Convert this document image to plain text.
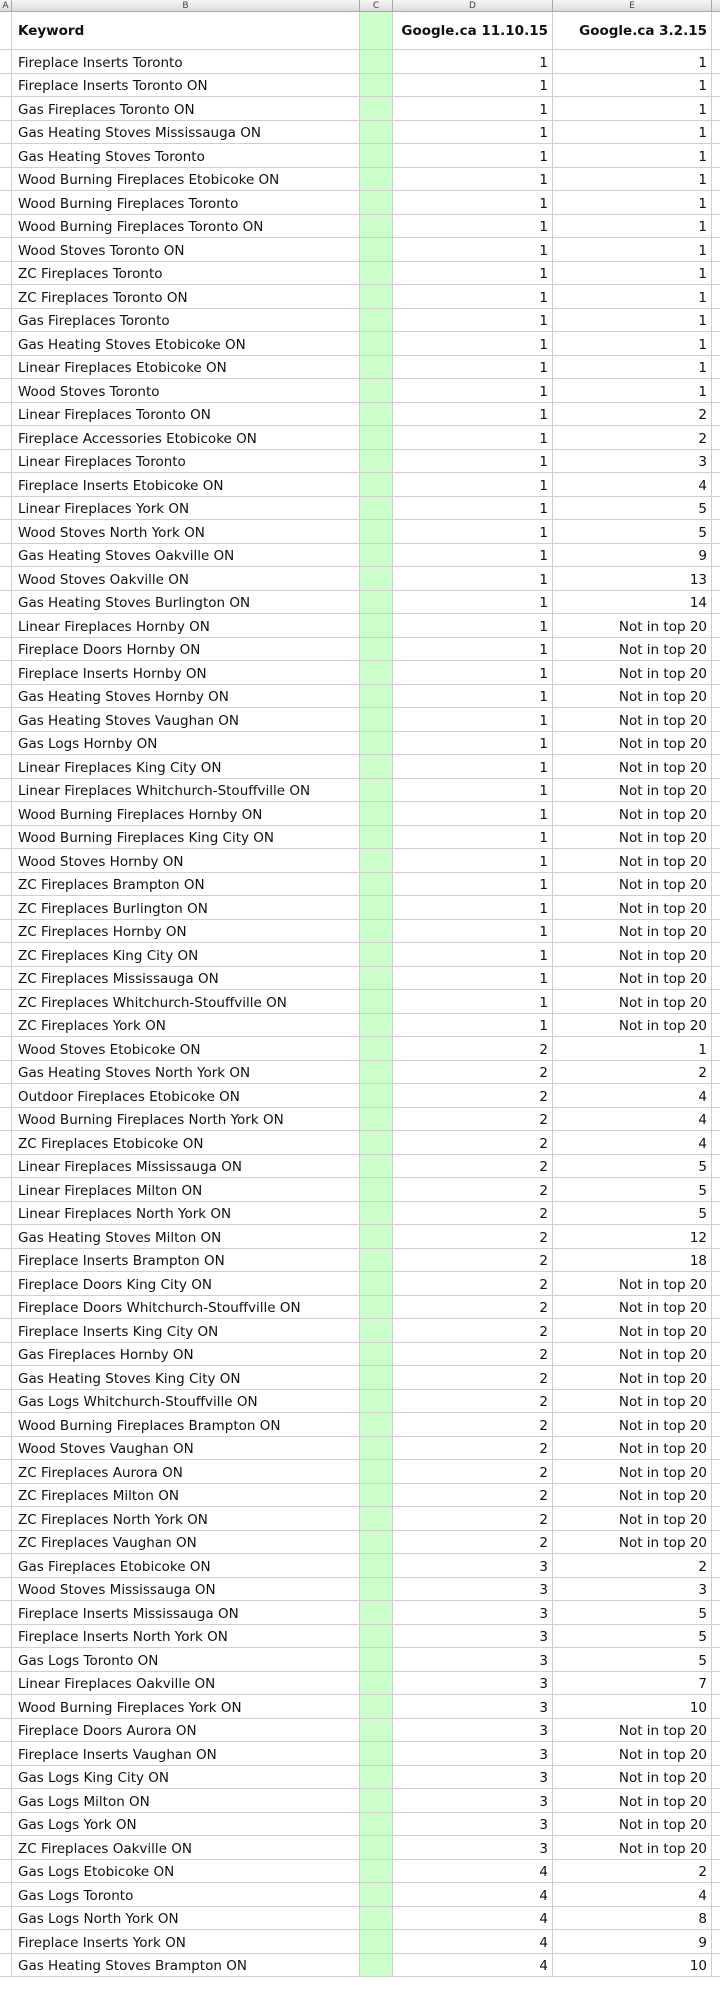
A	B	C	D	E
Keyword	Google.ca 11.10.15	Google.ca 3.2.15
Fireplace Inserts Toronto	1	1
Fireplace Inserts Toronto ON	1	1
Gas Fireplaces Toronto ON	1	1
Gas Heating Stoves Mississauga ON	1	1
Gas Heating Stoves Toronto	1	1
Wood Burning Fireplaces Etobicoke ON	1	1
Wood Burning Fireplaces Toronto	1	1
Wood Burning Fireplaces Toronto ON	1	1
Wood Stoves Toronto ON	1	1
ZC Fireplaces Toronto	1	1
ZC Fireplaces Toronto ON	1	1
Gas Fireplaces Toronto	1	1
Gas Heating Stoves Etobicoke ON	1	1
Linear Fireplaces Etobicoke ON	1	1
Wood Stoves Toronto	1	1
Linear Fireplaces Toronto ON	1	2
Fireplace Accessories Etobicoke ON	1	2
Linear Fireplaces Toronto	1	3
Fireplace Inserts Etobicoke ON	1	4
Linear Fireplaces York ON	1	5
Wood Stoves North York ON	1	5
Gas Heating Stoves Oakville ON	1	9
Wood Stoves Oakville ON	1	13
Gas Heating Stoves Burlington ON	1	14
Linear Fireplaces Hornby ON	1	Not in top 20
Fireplace Doors Hornby ON	1	Not in top 20
Fireplace Inserts Hornby ON	1	Not in top 20
Gas Heating Stoves Hornby ON	1	Not in top 20
Gas Heating Stoves Vaughan ON	1	Not in top 20
Gas Logs Hornby ON	1	Not in top 20
Linear Fireplaces King City ON	1	Not in top 20
Linear Fireplaces Whitchurch-Stouffville ON	1	Not in top 20
Wood Burning Fireplaces Hornby ON	1	Not in top 20
Wood Burning Fireplaces King City ON	1	Not in top 20
Wood Stoves Hornby ON	1	Not in top 20
ZC Fireplaces Brampton ON	1	Not in top 20
ZC Fireplaces Burlington ON	1	Not in top 20
ZC Fireplaces Hornby ON	1	Not in top 20
ZC Fireplaces King City ON	1	Not in top 20
ZC Fireplaces Mississauga ON	1	Not in top 20
ZC Fireplaces Whitchurch-Stouffville ON	1	Not in top 20
ZC Fireplaces York ON	1	Not in top 20
Wood Stoves Etobicoke ON	2	1
Gas Heating Stoves North York ON	2	2
Outdoor Fireplaces Etobicoke ON	2	4
Wood Burning Fireplaces North York ON	2	4
ZC Fireplaces Etobicoke ON	2	4
Linear Fireplaces Mississauga ON	2	5
Linear Fireplaces Milton ON	2	5
Linear Fireplaces North York ON	2	5
Gas Heating Stoves Milton ON	2	12
Fireplace Inserts Brampton ON	2	18
Fireplace Doors King City ON	2	Not in top 20
Fireplace Doors Whitchurch-Stouffville ON	2	Not in top 20
Fireplace Inserts King City ON	2	Not in top 20
Gas Fireplaces Hornby ON	2	Not in top 20
Gas Heating Stoves King City ON	2	Not in top 20
Gas Logs Whitchurch-Stouffville ON	2	Not in top 20
Wood Burning Fireplaces Brampton ON	2	Not in top 20
Wood Stoves Vaughan ON	2	Not in top 20
ZC Fireplaces Aurora ON	2	Not in top 20
ZC Fireplaces Milton ON	2	Not in top 20
ZC Fireplaces North York ON	2	Not in top 20
ZC Fireplaces Vaughan ON	2	Not in top 20
Gas Fireplaces Etobicoke ON	3	2
Wood Stoves Mississauga ON	3	3
Fireplace Inserts Mississauga ON	3	5
Fireplace Inserts North York ON	3	5
Gas Logs Toronto ON	3	5
Linear Fireplaces Oakville ON	3	7
Wood Burning Fireplaces York ON	3	10
Fireplace Doors Aurora ON	3	Not in top 20
Fireplace Inserts Vaughan ON	3	Not in top 20
Gas Logs King City ON	3	Not in top 20
Gas Logs Milton ON	3	Not in top 20
Gas Logs York ON	3	Not in top 20
ZC Fireplaces Oakville ON	3	Not in top 20
Gas Logs Etobicoke ON	4	2
Gas Logs Toronto	4	4
Gas Logs North York ON	4	8
Fireplace Inserts York ON	4	9
Gas Heating Stoves Brampton ON	4	10
